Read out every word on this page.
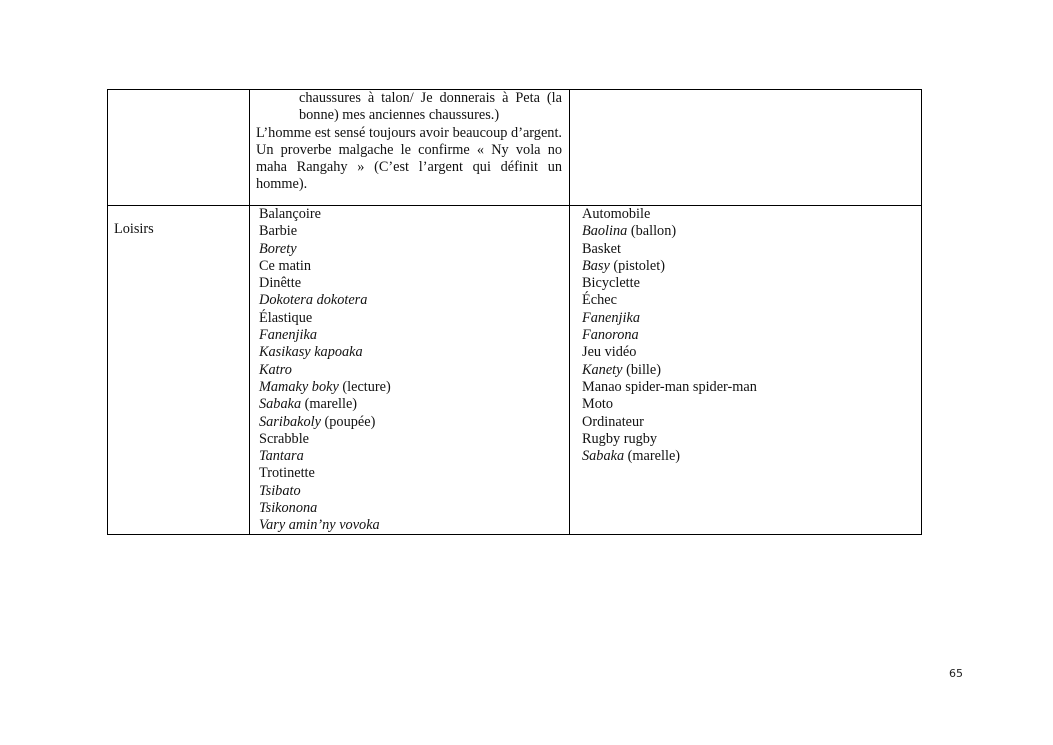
chaussures à talon/ Je donnerais à Peta (la bonne) mes anciennes chaussures.)
L’homme est sensé toujours avoir beaucoup d’argent. Un proverbe malgache le confirme « Ny vola no maha Rangahy » (C’est l’argent qui définit un homme).
Loisirs
Balançoire
Barbie
Borety
Ce matin
Dinêtte
Dokotera dokotera
Élastique
Fanenjika
Kasikasy kapoaka
Katro
Mamaky boky (lecture)
Sabaka (marelle)
Saribakoly (poupée)
Scrabble
Tantara
Trotinette
Tsibato
Tsikonona
Vary amin’ny vovoka
Automobile
Baolina (ballon)
Basket
Basy (pistolet)
Bicyclette
Échec
Fanenjika
Fanorona
Jeu vidéo
Kanety (bille)
Manao spider-man spider-man
Moto
Ordinateur
Rugby rugby
Sabaka (marelle)
65
